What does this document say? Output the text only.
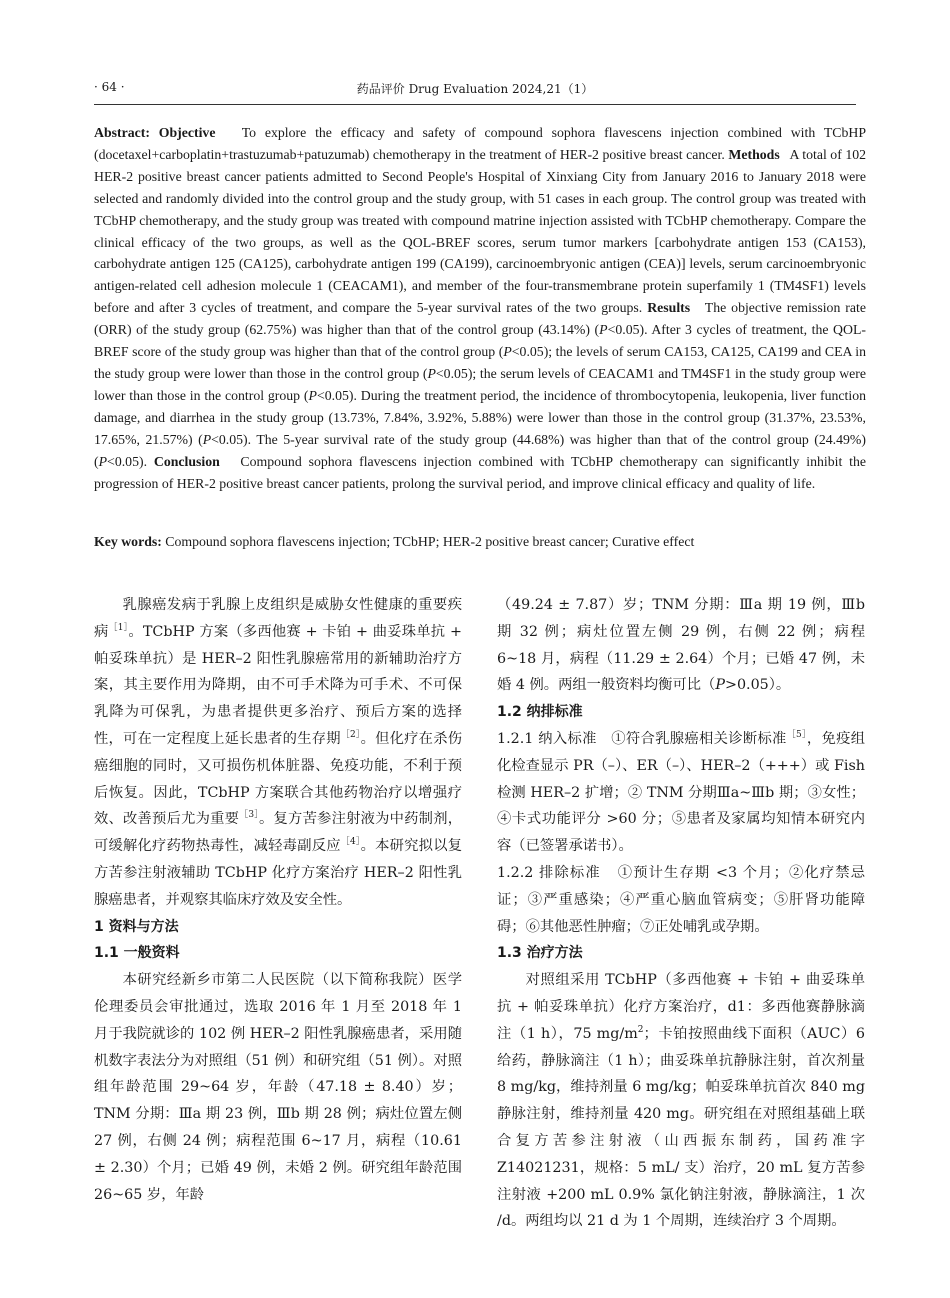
· 64 ·	药品评价 Drug Evaluation 2024,21（1）
Abstract: Objective To explore the efficacy and safety of compound sophora flavescens injection combined with TCbHP (docetaxel+carboplatin+trastuzumab+patuzumab) chemotherapy in the treatment of HER-2 positive breast cancer. Methods A total of 102 HER-2 positive breast cancer patients admitted to Second People's Hospital of Xinxiang City from January 2016 to January 2018 were selected and randomly divided into the control group and the study group, with 51 cases in each group. The control group was treated with TCbHP chemotherapy, and the study group was treated with compound matrine injection assisted with TCbHP chemotherapy. Compare the clinical efficacy of the two groups, as well as the QOL-BREF scores, serum tumor markers [carbohydrate antigen 153 (CA153), carbohydrate antigen 125 (CA125), carbohydrate antigen 199 (CA199), carcinoembryonic antigen (CEA)] levels, serum carcinoembryonic antigen-related cell adhesion molecule 1 (CEACAM1), and member of the four-transmembrane protein superfamily 1 (TM4SF1) levels before and after 3 cycles of treatment, and compare the 5-year survival rates of the two groups. Results The objective remission rate (ORR) of the study group (62.75%) was higher than that of the control group (43.14%) (P<0.05). After 3 cycles of treatment, the QOL-BREF score of the study group was higher than that of the control group (P<0.05); the levels of serum CA153, CA125, CA199 and CEA in the study group were lower than those in the control group (P<0.05); the serum levels of CEACAM1 and TM4SF1 in the study group were lower than those in the control group (P<0.05). During the treatment period, the incidence of thrombocytopenia, leukopenia, liver function damage, and diarrhea in the study group (13.73%, 7.84%, 3.92%, 5.88%) were lower than those in the control group (31.37%, 23.53%, 17.65%, 21.57%) (P<0.05). The 5-year survival rate of the study group (44.68%) was higher than that of the control group (24.49%) (P<0.05). Conclusion Compound sophora flavescens injection combined with TCbHP chemotherapy can significantly inhibit the progression of HER-2 positive breast cancer patients, prolong the survival period, and improve clinical efficacy and quality of life.
Key words: Compound sophora flavescens injection; TCbHP; HER-2 positive breast cancer; Curative effect

乳腺癌发病于乳腺上皮组织是威胁女性健康的重要疾病$^{[1]}$。TCbHP 方案（多西他赛 + 卡铂 + 曲妥珠单抗 + 帕妥珠单抗）是 HER–2 阳性乳腺癌常用的新辅助治疗方案，其主要作用为降期，由不可手术降为可手术、不可保乳降为可保乳，为患者提供更多治疗、预后方案的选择性，可在一定程度上延长患者的生存期$^{[2]}$。但化疗在杀伤癌细胞的同时，又可损伤机体脏器、免疫功能，不利于预后恢复。因此，TCbHP 方案联合其他药物治疗以增强疗效、改善预后尤为重要$^{[3]}$。复方苦参注射液为中药制剂，可缓解化疗药物热毒性，减轻毒副反应$^{[4]}$。本研究拟以复方苦参注射液辅助 TCbHP 化疗方案治疗 HER–2 阳性乳腺癌患者，并观察其临床疗效及安全性。

1 资料与方法

1.1 一般资料

本研究经新乡市第二人民医院（以下简称我院）医学伦理委员会审批通过，选取 2016 年 1 月至 2018 年 1 月于我院就诊的 102 例 HER–2 阳性乳腺癌患者，采用随机数字表法分为对照组（51 例）和研究组（51 例）。对照组年龄范围 29~64 岁，年龄（47.18 ± 8.40）岁；TNM 分期：Ⅲa 期 23 例，Ⅲb 期 28 例；病灶位置左侧 27 例，右侧 24 例；病程范围 6~17 月，病程（10.61 ± 2.30）个月；已婚 49 例，未婚 2 例。研究组年龄范围 26~65 岁，年龄

（49.24 ± 7.87）岁；TNM 分期：Ⅲa 期 19 例，Ⅲb 期 32 例；病灶位置左侧 29 例，右侧 22 例；病程 6~18 月，病程（11.29 ± 2.64）个月；已婚 47 例，未婚 4 例。两组一般资料均衡可比（P>0.05）。

1.2 纳排标准

1.2.1 纳入标准 ①符合乳腺癌相关诊断标准$^{[5]}$，免疫组化检查显示 PR（–）、ER（–）、HER–2（+++）或 Fish 检测 HER–2 扩增；② TNM 分期Ⅲa~Ⅲb 期；③女性；④卡式功能评分 >60 分；⑤患者及家属均知情本研究内容（已签署承诺书）。

1.2.2 排除标准 ①预计生存期 <3 个月；②化疗禁忌证；③严重感染；④严重心脑血管病变；⑤肝肾功能障碍；⑥其他恶性肿瘤；⑦正处哺乳或孕期。

1.3 治疗方法

对照组采用 TCbHP（多西他赛 + 卡铂 + 曲妥珠单抗 + 帕妥珠单抗）化疗方案治疗，d1：多西他赛静脉滴注（1 h），75 $mg/m^2$；卡铂按照曲线下面积（AUC）6 给药，静脉滴注（1 h）；曲妥珠单抗静脉注射，首次剂量 8 mg/kg，维持剂量 6 mg/kg；帕妥珠单抗首次 840 mg 静脉注射，维持剂量 420 mg。研究组在对照组基础上联合复方苦参注射液（山西振东制药，国药准字 Z14021231，规格：5 mL/ 支）治疗，20 mL 复方苦参注射液 +200 mL 0.9% 氯化钠注射液，静脉滴注，1 次 /d。两组均以 21 d 为 1 个周期，连续治疗 3 个周期。
